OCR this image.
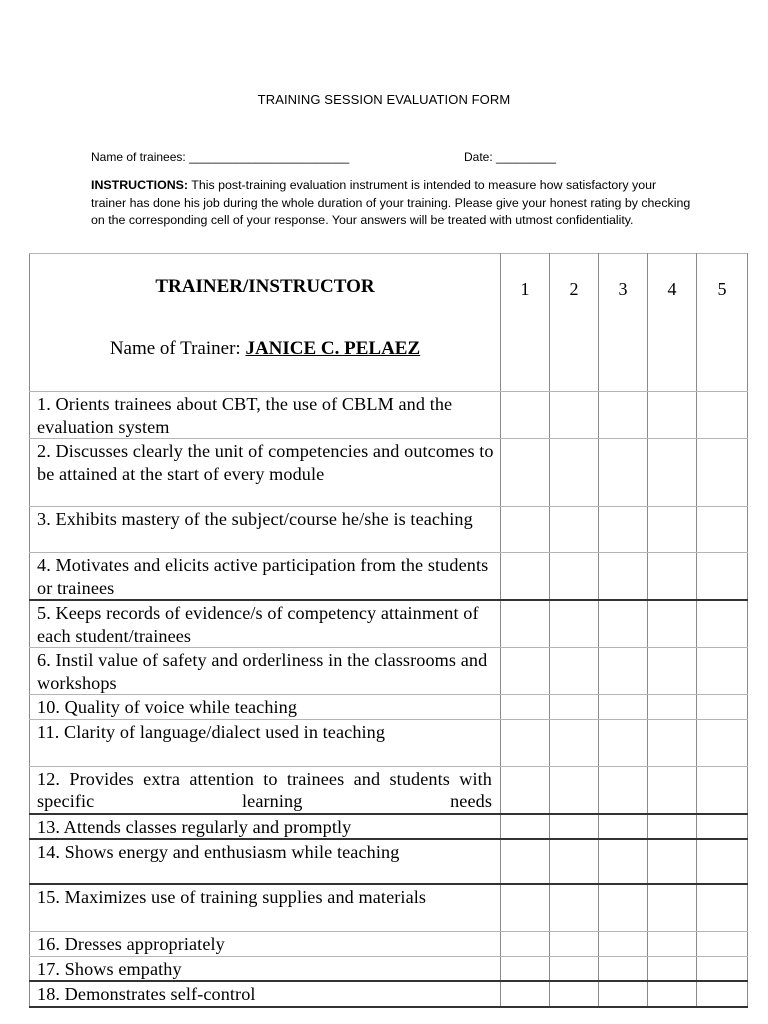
TRAINING SESSION EVALUATION FORM
Name of trainees: ________________________	Date: _________
INSTRUCTIONS: This post-training evaluation instrument is intended to measure how satisfactory your trainer has done his job during the whole duration of your training. Please give your honest rating by checking on the corresponding cell of your response. Your answers will be treated with utmost confidentiality.
TRAINER/INSTRUCTOR
Name of Trainer: JANICE C. PELAEZ	1	2	3	4	5

1. Orients trainees about CBT, the use of CBLM and the evaluation system					
2. Discusses clearly the unit of competencies and outcomes to be attained at the start of every module					
3. Exhibits mastery of the subject/course he/she is teaching					
4. Motivates and elicits active participation from the students or trainees					
5. Keeps records of evidence/s of competency attainment of each student/trainees					
6. Instil value of safety and orderliness in the classrooms and workshops					
10. Quality of voice while teaching					
11. Clarity of language/dialect used in teaching					
12. Provides extra attention to trainees and students with specific learning needs					
13. Attends classes regularly and promptly					
14. Shows energy and enthusiasm while teaching					
15. Maximizes use of training supplies and materials					
16. Dresses appropriately					
17. Shows empathy					
18. Demonstrates self-control					
